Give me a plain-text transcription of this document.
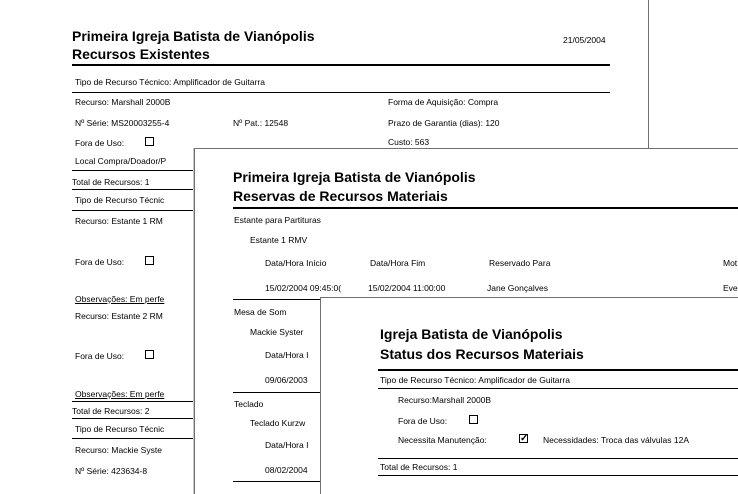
Primeira Igreja Batista de Vianópolis
Recursos Existentes
21/05/2004
Tipo de Recurso Técnico: Amplificador de Guitarra
Recurso: Marshall 2000B	Forma de Aquisição: Compra
Nº Série: MS20003255-4	Nº Pat.: 12548	Prazo de Garantia (dias): 120
Fora de Uso:	Custo: 563
Local Compra/Doador/P
Total de Recursos: 1
Tipo de Recurso Técnic
Recurso: Estante 1 RM
Fora de Uso:
Observações: Em perfe
Recurso: Estante 2 RM
Fora de Uso:
Observações: Em perfe
Total de Recursos: 2
Tipo de Recurso Técnic
Recurso: Mackie Syste
Nº Série: 423634-8
Primeira Igreja Batista de Vianópolis
Reservas de Recursos Materiais
Estante para Partituras
Estante 1 RMV
Data/Hora Início	Data/Hora Fim	Reservado Para	Mot
15/02/2004 09:45:0(	15/02/2004 11:00:00	Jane Gonçalves	Eve
Mesa de Som
Mackie Syster
Data/Hora I
09/06/2003
Teclado
Teclado Kurzw
Data/Hora I
08/02/2004
Igreja Batista de Vianópolis
Status dos Recursos Materiais
Tipo de Recurso Técnico: Amplificador de Guitarra
Recurso:Marshall 2000B
Fora de Uso:
Necessita Manutenção:	✓ Necessidades: Troca das válvulas 12A
Total de Recursos: 1
